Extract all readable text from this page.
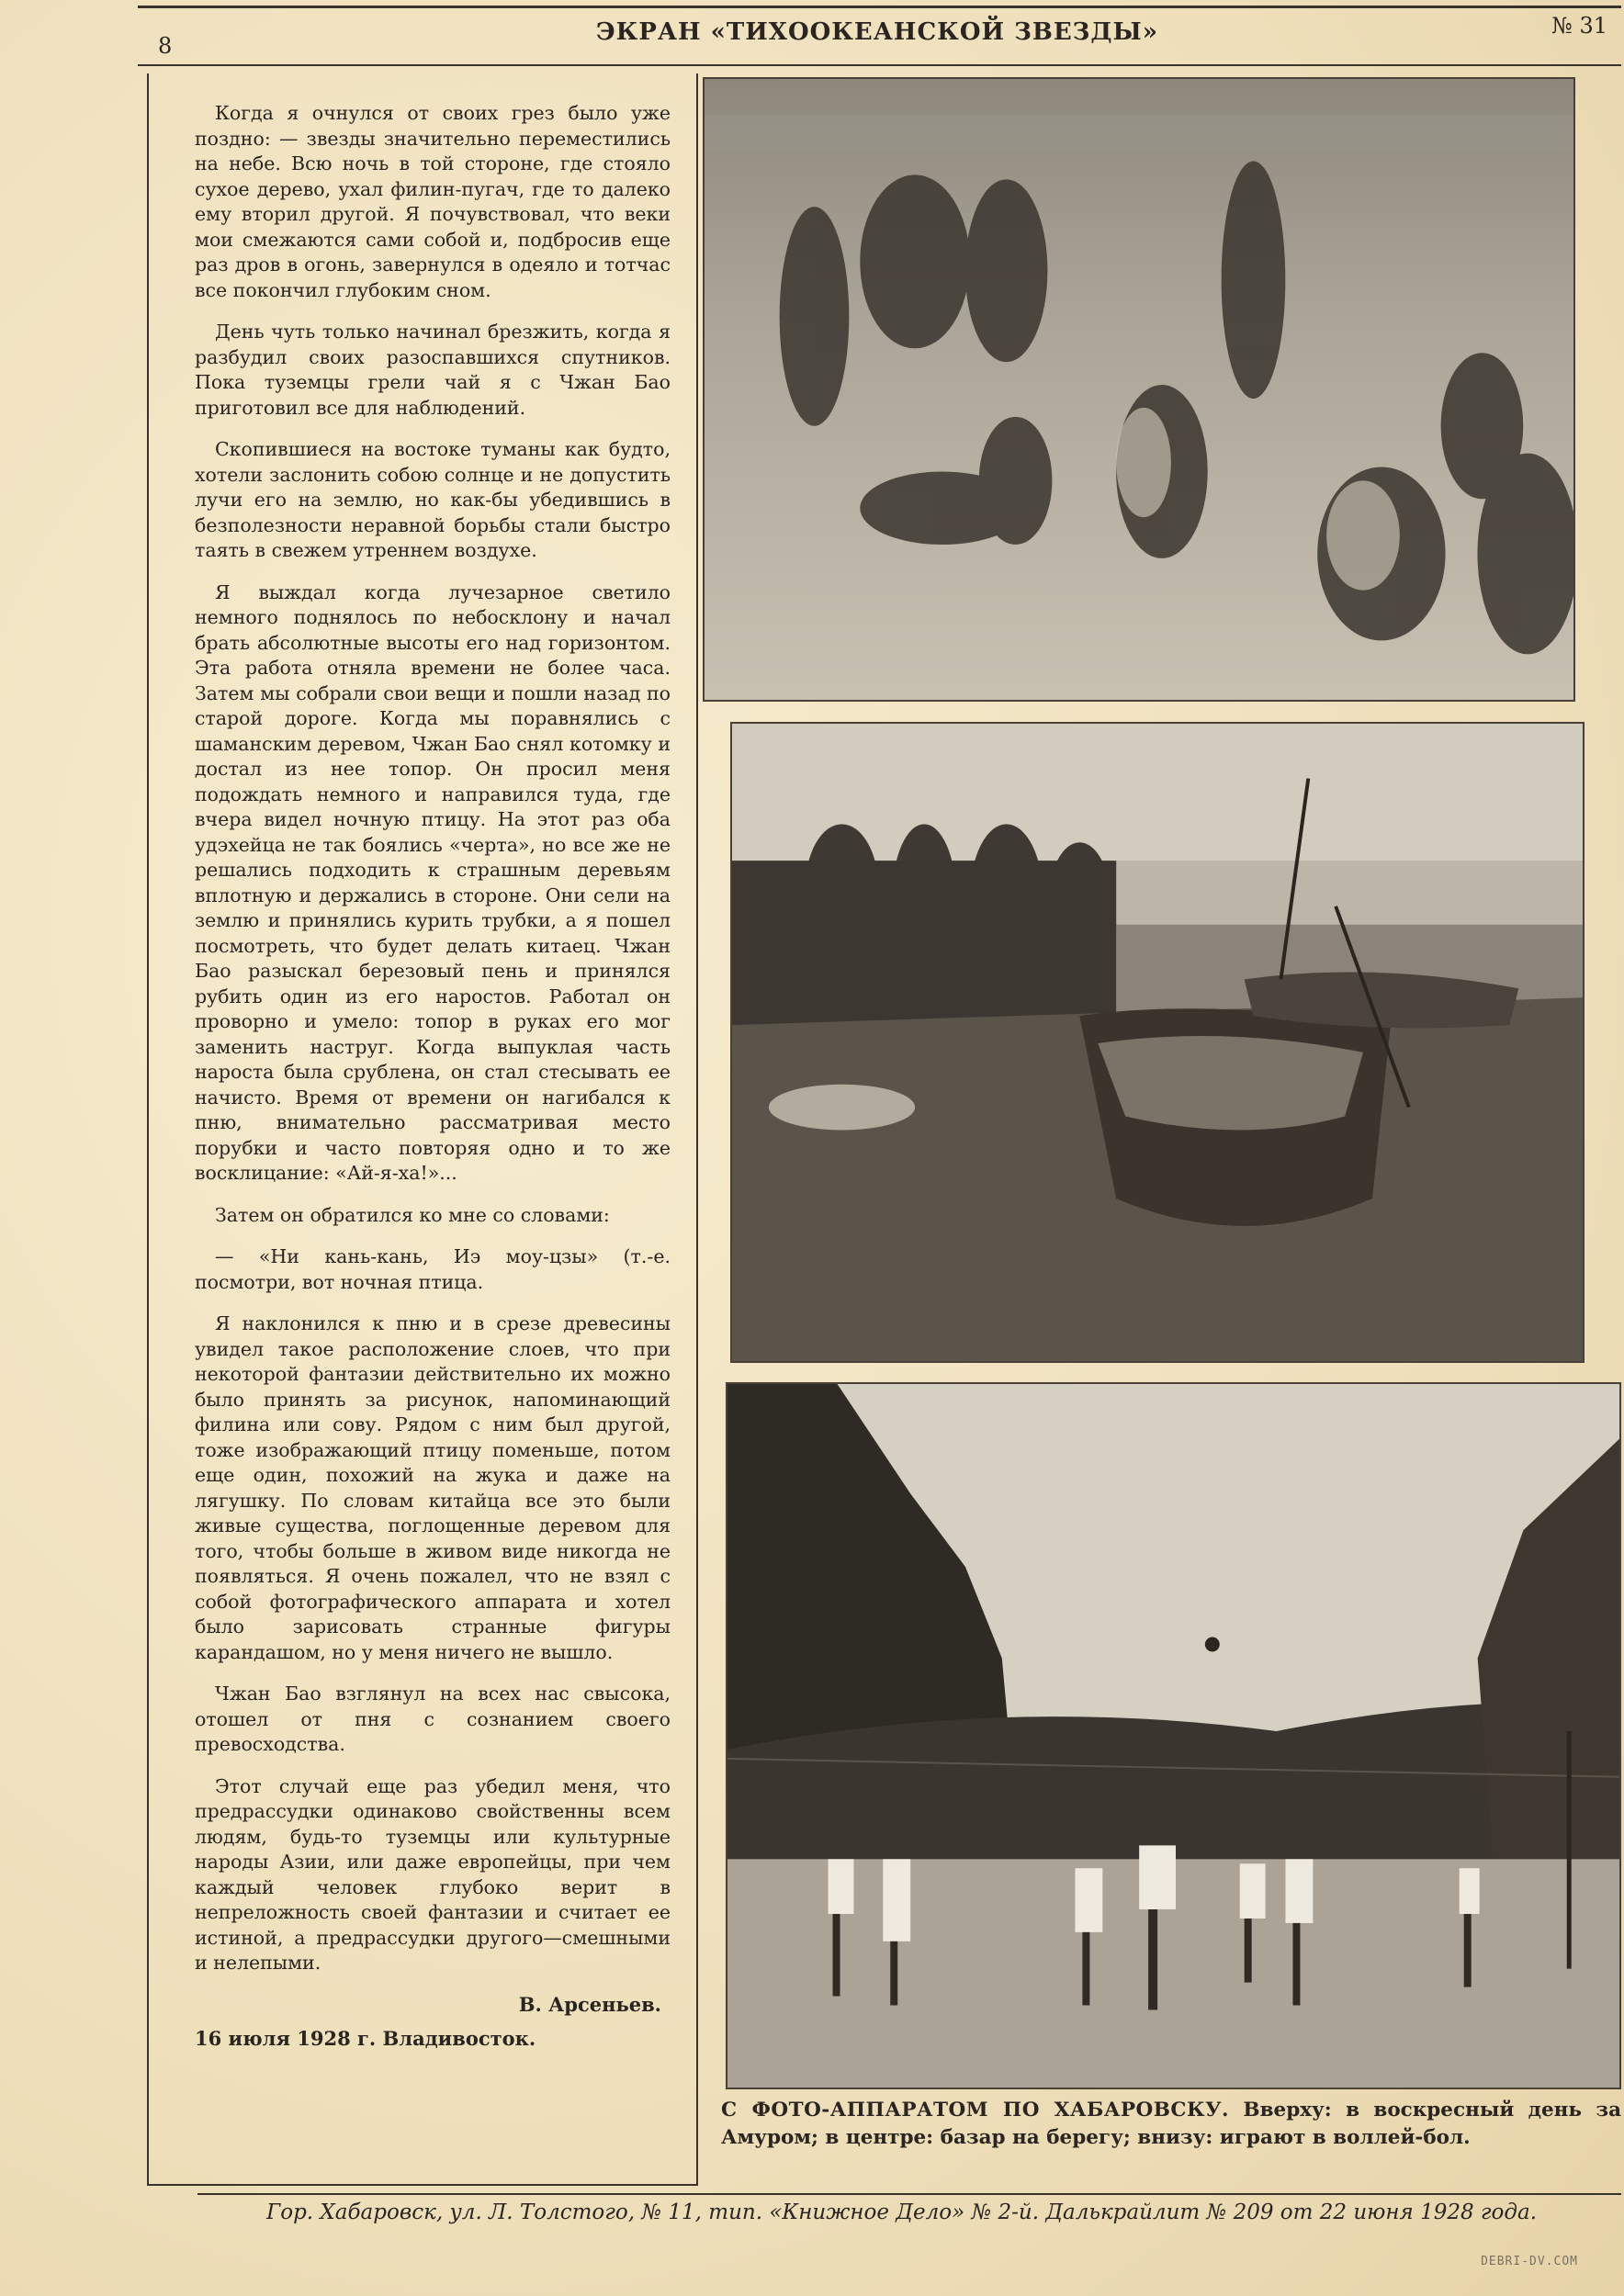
8	ЭКРАН «ТИХООКЕАНСКОЙ ЗВЕЗДЫ»	№ 31

Когда я очнулся от своих грез было уже поздно: — звезды значительно переместились на небе. Всю ночь в той стороне, где стояло сухое дерево, ухал филин-пугач, где то далеко ему вторил другой. Я почувствовал, что веки мои смежаются сами собой и, подбросив еще раз дров в огонь, завернулся в одеяло и тотчас все покончил глубоким сном.

День чуть только начинал брезжить, когда я разбудил своих разоспавшихся спутников. Пока туземцы грели чай я с Чжан Бао приготовил все для наблюдений.

Скопившиеся на востоке туманы как будто, хотели заслонить собою солнце и не допустить лучи его на землю, но как-бы убедившись в безполезности неравной борьбы стали быстро таять в свежем утреннем воздухе.

Я выждал когда лучезарное светило немного поднялось по небосклону и начал брать абсолютные высоты его над горизонтом. Эта работа отняла времени не более часа. Затем мы собрали свои вещи и пошли назад по старой дороге. Когда мы поравнялись с шаманским деревом, Чжан Бао снял котомку и достал из нее топор. Он просил меня подождать немного и направился туда, где вчера видел ночную птицу. На этот раз оба удэхейца не так боялись «черта», но все же не решались подходить к страшным деревьям вплотную и держались в стороне. Они сели на землю и принялись курить трубки, а я пошел посмотреть, что будет делать китаец. Чжан Бао разыскал березовый пень и принялся рубить один из его наростов. Работал он проворно и умело: топор в руках его мог заменить наструг. Когда выпуклая часть нароста была срублена, он стал стесывать ее начисто. Время от времени он нагибался к пню, внимательно рассматривая место порубки и часто повторяя одно и то же восклицание: «Ай-я-ха!»...

Затем он обратился ко мне со словами:

— «Ни кань-кань, Иэ моу-цзы» (т.-е. посмотри, вот ночная птица.

Я наклонился к пню и в срезе древесины увидел такое расположение слоев, что при некоторой фантазии действительно их можно было принять за рисунок, напоминающий филина или сову. Рядом с ним был другой, тоже изображающий птицу поменьше, потом еще один, похожий на жука и даже на лягушку. По словам китайца все это были живые существа, поглощенные деревом для того, чтобы больше в живом виде никогда не появляться. Я очень пожалел, что не взял с собой фотографического аппарата и хотел было зарисовать странные фигуры карандашом, но у меня ничего не вышло.

Чжан Бао взглянул на всех нас свысока, отошел от пня с сознанием своего превосходства.

Этот случай еще раз убедил меня, что предрассудки одинаково свойственны всем людям, будь-то туземцы или культурные народы Азии, или даже европейцы, при чем каждый человек глубоко верит в непреложность своей фантазии и считает ее истиной, а предрассудки другого—смешными и нелепыми.

В. Арсеньев.
16 июля 1928 г. Владивосток.
С ФОТО-АППАРАТОМ ПО ХАБАРОВСКУ. Вверху: в воскресный день за Амуром; в центре: базар на берегу; внизу: играют в воллей-бол.
Гор. Хабаровск, ул. Л. Толстого, № 11, тип. «Книжное Дело» № 2-й. Далькрайлит № 209 от 22 июня 1928 года.
DEBRI-DV.COM
